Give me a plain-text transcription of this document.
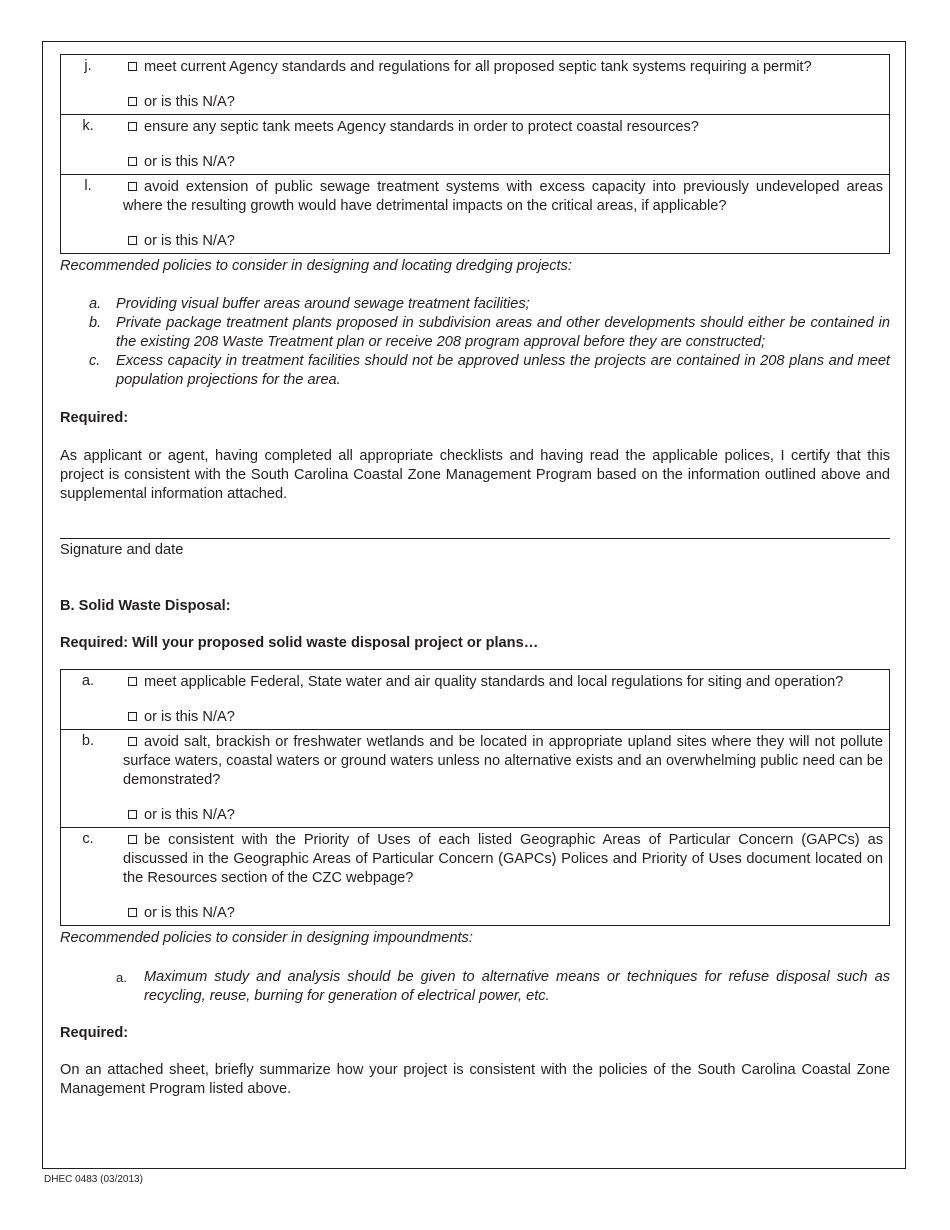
j.	meet current Agency standards and regulations for all proposed septic tank systems requiring a permit?
or is this N/A?

k.	ensure any septic tank meets Agency standards in order to protect coastal resources?
or is this N/A?

l.	avoid extension of public sewage treatment systems with excess capacity into previously undeveloped areas where the resulting growth would have detrimental impacts on the critical areas, if applicable?
or is this N/A?
Recommended policies to consider in designing and locating dredging projects:
a. Providing visual buffer areas around sewage treatment facilities;
b. Private package treatment plants proposed in subdivision areas and other developments should either be contained in the existing 208 Waste Treatment plan or receive 208 program approval before they are constructed;
c. Excess capacity in treatment facilities should not be approved unless the projects are contained in 208 plans and meet population projections for the area.

Required:

As applicant or agent, having completed all appropriate checklists and having read the applicable polices, I certify that this project is consistent with the South Carolina Coastal Zone Management Program based on the information outlined above and supplemental information attached.

Signature and date

B. Solid Waste Disposal:

Required: Will your proposed solid waste disposal project or plans…

a.	meet applicable Federal, State water and air quality standards and local regulations for siting and operation?
or is this N/A?

b.	avoid salt, brackish or freshwater wetlands and be located in appropriate upland sites where they will not pollute surface waters, coastal waters or ground waters unless no alternative exists and an overwhelming public need can be demonstrated?
or is this N/A?

c.	be consistent with the Priority of Uses of each listed Geographic Areas of Particular Concern (GAPCs) as discussed in the Geographic Areas of Particular Concern (GAPCs) Polices and Priority of Uses document located on the Resources section of the CZC webpage?
or is this N/A?
Recommended policies to consider in designing impoundments:
a. Maximum study and analysis should be given to alternative means or techniques for refuse disposal such as recycling, reuse, burning for generation of electrical power, etc.

Required:

On an attached sheet, briefly summarize how your project is consistent with the policies of the South Carolina Coastal Zone Management Program listed above.

DHEC 0483 (03/2013)
